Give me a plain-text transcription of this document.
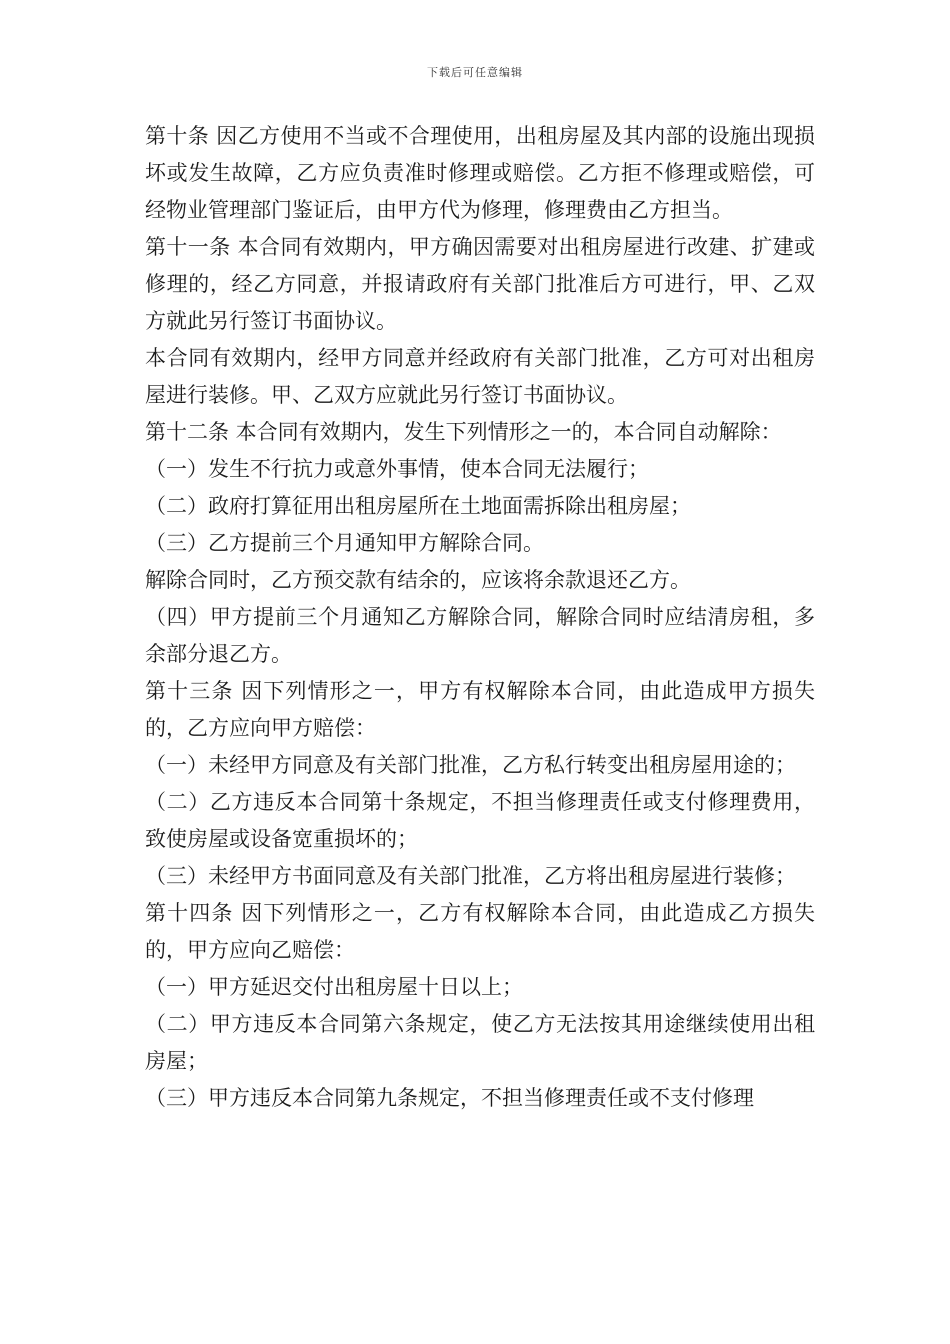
下载后可任意编辑

第十条 因乙方使用不当或不合理使用，出租房屋及其内部的设施出现损坏或发生故障，乙方应负责准时修理或赔偿。乙方拒不修理或赔偿，可经物业管理部门鉴证后，由甲方代为修理，修理费由乙方担当。

第十一条 本合同有效期内，甲方确因需要对出租房屋进行改建、扩建或修理的，经乙方同意，并报请政府有关部门批准后方可进行，甲、乙双方就此另行签订书面协议。

本合同有效期内，经甲方同意并经政府有关部门批准，乙方可对出租房屋进行装修。甲、乙双方应就此另行签订书面协议。

第十二条 本合同有效期内，发生下列情形之一的，本合同自动解除：

（一）发生不行抗力或意外事情，使本合同无法履行；

（二）政府打算征用出租房屋所在土地面需拆除出租房屋；

（三）乙方提前三个月通知甲方解除合同。

解除合同时，乙方预交款有结余的，应该将余款退还乙方。

（四）甲方提前三个月通知乙方解除合同，解除合同时应结清房租，多余部分退乙方。

第十三条 因下列情形之一，甲方有权解除本合同，由此造成甲方损失的，乙方应向甲方赔偿：

（一）未经甲方同意及有关部门批准，乙方私行转变出租房屋用途的；

（二）乙方违反本合同第十条规定，不担当修理责任或支付修理费用，致使房屋或设备宽重损坏的；

（三）未经甲方书面同意及有关部门批准，乙方将出租房屋进行装修；

第十四条 因下列情形之一，乙方有权解除本合同，由此造成乙方损失的，甲方应向乙赔偿：

（一）甲方延迟交付出租房屋十日以上；

（二）甲方违反本合同第六条规定，使乙方无法按其用途继续使用出租房屋；

（三）甲方违反本合同第九条规定，不担当修理责任或不支付修理
